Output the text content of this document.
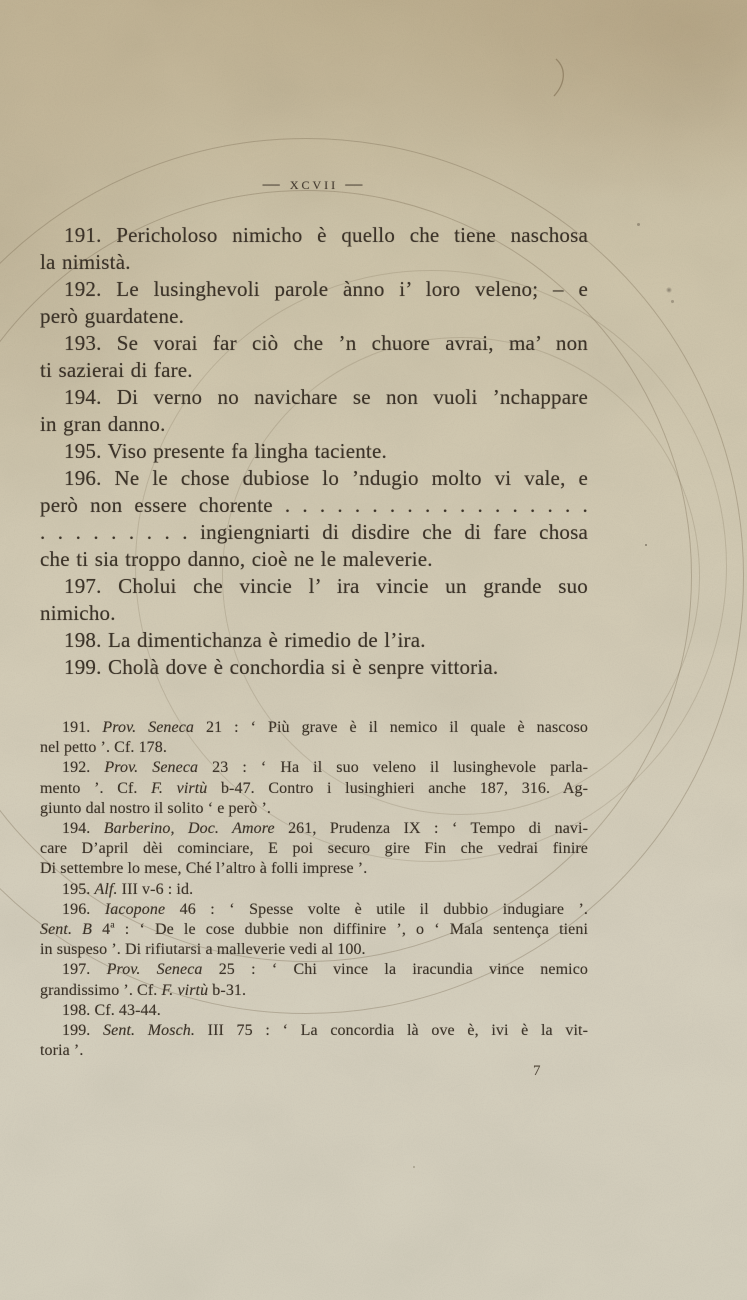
— xcvii —
191. Pericholoso nimicho è quello che tiene naschosa
la nimistà.
192. Le lusinghevoli parole ànno i’ loro veleno; – e
però guardatene.
193. Se vorai far ciò che ’n chuore avrai, ma’ non
ti sazierai di fare.
194. Di verno no navichare se non vuoli ’nchappare
in gran danno.
195. Viso presente fa lingha taciente.
196. Ne le chose dubiose lo ’ndugio molto vi vale, e
però non essere chorente . . . . . . . . . . . . . . . . . .
. . . . . . . . . ingiengniarti di disdire che di fare chosa
che ti sia troppo danno, cioè ne le maleverie.
197. Cholui che vincie l’ ira vincie un grande suo
nimicho.
198. La dimentichanza è rimedio de l’ira.
199. Cholà dove è conchordia si è senpre vittoria.
191. Prov. Seneca 21 : ‘ Più grave è il nemico il quale è nascoso
nel petto ’. Cf. 178.
192. Prov. Seneca 23 : ‘ Ha il suo veleno il lusinghevole parla-
mento ’. Cf. F. virtù b-47. Contro i lusinghieri anche 187, 316. Ag-
giunto dal nostro il solito ‘ e però ’.
194. Barberino, Doc. Amore 261, Prudenza IX : ‘ Tempo di navi-
care D’april dèi cominciare, E poi securo gire Fin che vedrai finire
Di settembre lo mese, Ché l’altro à folli imprese ’.
195. Alf. III v-6 : id.
196. Iacopone 46 : ‘ Spesse volte è utile il dubbio indugiare ’.
Sent. B 4$^a$ : ‘ De le cose dubbie non diffinire ’, o ‘ Mala sentença tieni
in suspeso ’. Di rifiutarsi a malleverie vedi al 100.
197. Prov. Seneca 25 : ‘ Chi vince la iracundia vince nemico
grandissimo ’. Cf. F. virtù b-31.
198. Cf. 43-44.
199. Sent. Mosch. III 75 : ‘ La concordia là ove è, ivi è la vit-
toria ’.
7
